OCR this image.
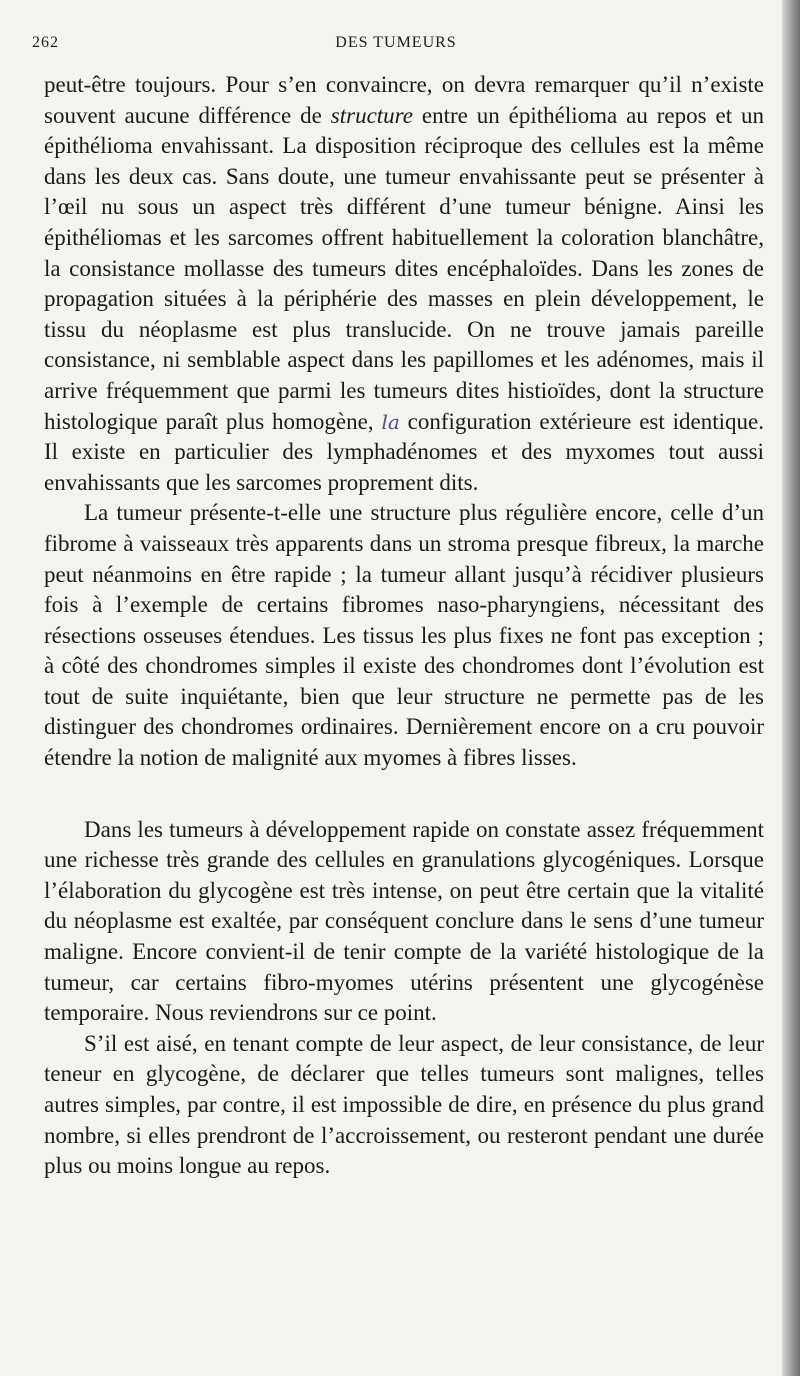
262	DES TUMEURS

peut-être toujours. Pour s’en convaincre, on devra remarquer qu’il n’existe souvent aucune différence de structure entre un épithélioma au repos et un épithélioma envahissant. La disposition réciproque des cellules est la même dans les deux cas. Sans doute, une tumeur envahissante peut se présenter à l’œil nu sous un aspect très différent d’une tumeur bénigne. Ainsi les épithéliomas et les sarcomes offrent habituellement la coloration blanchâtre, la consistance mollasse des tumeurs dites encéphaloïdes. Dans les zones de propagation situées à la périphérie des masses en plein développement, le tissu du néoplasme est plus translucide. On ne trouve jamais pareille consistance, ni semblable aspect dans les papillomes et les adénomes, mais il arrive fréquemment que parmi les tumeurs dites histioïdes, dont la structure histologique paraît plus homogène, la configuration extérieure est identique. Il existe en particulier des lymphadénomes et des myxomes tout aussi envahissants que les sarcomes proprement dits.

La tumeur présente-t-elle une structure plus régulière encore, celle d’un fibrome à vaisseaux très apparents dans un stroma presque fibreux, la marche peut néanmoins en être rapide ; la tumeur allant jusqu’à récidiver plusieurs fois à l’exemple de certains fibromes naso-pharyngiens, nécessitant des résections osseuses étendues. Les tissus les plus fixes ne font pas exception ; à côté des chondromes simples il existe des chondromes dont l’évolution est tout de suite inquiétante, bien que leur structure ne permette pas de les distinguer des chondromes ordinaires. Dernièrement encore on a cru pouvoir étendre la notion de malignité aux myomes à fibres lisses.

Dans les tumeurs à développement rapide on constate assez fréquemment une richesse très grande des cellules en granulations glycogéniques. Lorsque l’élaboration du glycogène est très intense, on peut être certain que la vitalité du néoplasme est exaltée, par conséquent conclure dans le sens d’une tumeur maligne. Encore convient-il de tenir compte de la variété histologique de la tumeur, car certains fibro-myomes utérins présentent une glycogénèse temporaire. Nous reviendrons sur ce point.

S’il est aisé, en tenant compte de leur aspect, de leur consistance, de leur teneur en glycogène, de déclarer que telles tumeurs sont malignes, telles autres simples, par contre, il est impossible de dire, en présence du plus grand nombre, si elles prendront de l’accroissement, ou resteront pendant une durée plus ou moins longue au repos.
